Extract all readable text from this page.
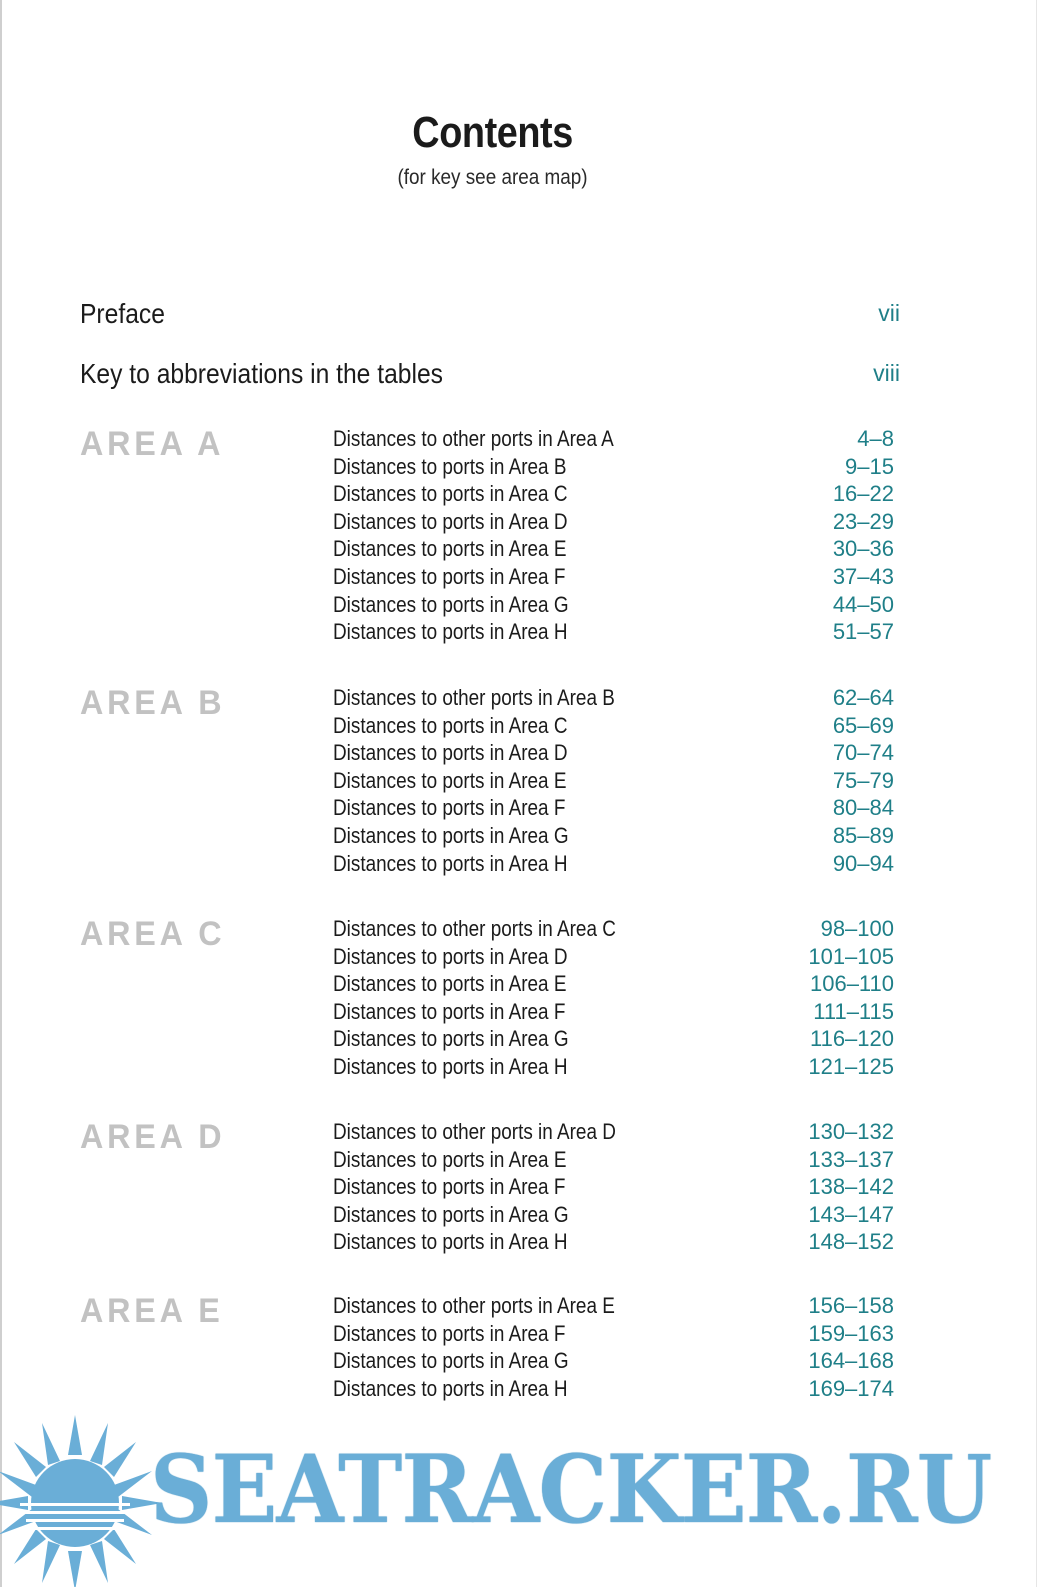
Contents
(for key see area map)
Preface	vii
Key to abbreviations in the tables	viii
AREA A	Distances to other ports in Area A	4–8
Distances to ports in Area B	9–15
Distances to ports in Area C	16–22
Distances to ports in Area D	23–29
Distances to ports in Area E	30–36
Distances to ports in Area F	37–43
Distances to ports in Area G	44–50
Distances to ports in Area H	51–57
AREA B	Distances to other ports in Area B	62–64
Distances to ports in Area C	65–69
Distances to ports in Area D	70–74
Distances to ports in Area E	75–79
Distances to ports in Area F	80–84
Distances to ports in Area G	85–89
Distances to ports in Area H	90–94
AREA C	Distances to other ports in Area C	98–100
Distances to ports in Area D	101–105
Distances to ports in Area E	106–110
Distances to ports in Area F	111–115
Distances to ports in Area G	116–120
Distances to ports in Area H	121–125
AREA D	Distances to other ports in Area D	130–132
Distances to ports in Area E	133–137
Distances to ports in Area F	138–142
Distances to ports in Area G	143–147
Distances to ports in Area H	148–152
AREA E	Distances to other ports in Area E	156–158
Distances to ports in Area F	159–163
Distances to ports in Area G	164–168
Distances to ports in Area H	169–174
SEATRACKER.RU
